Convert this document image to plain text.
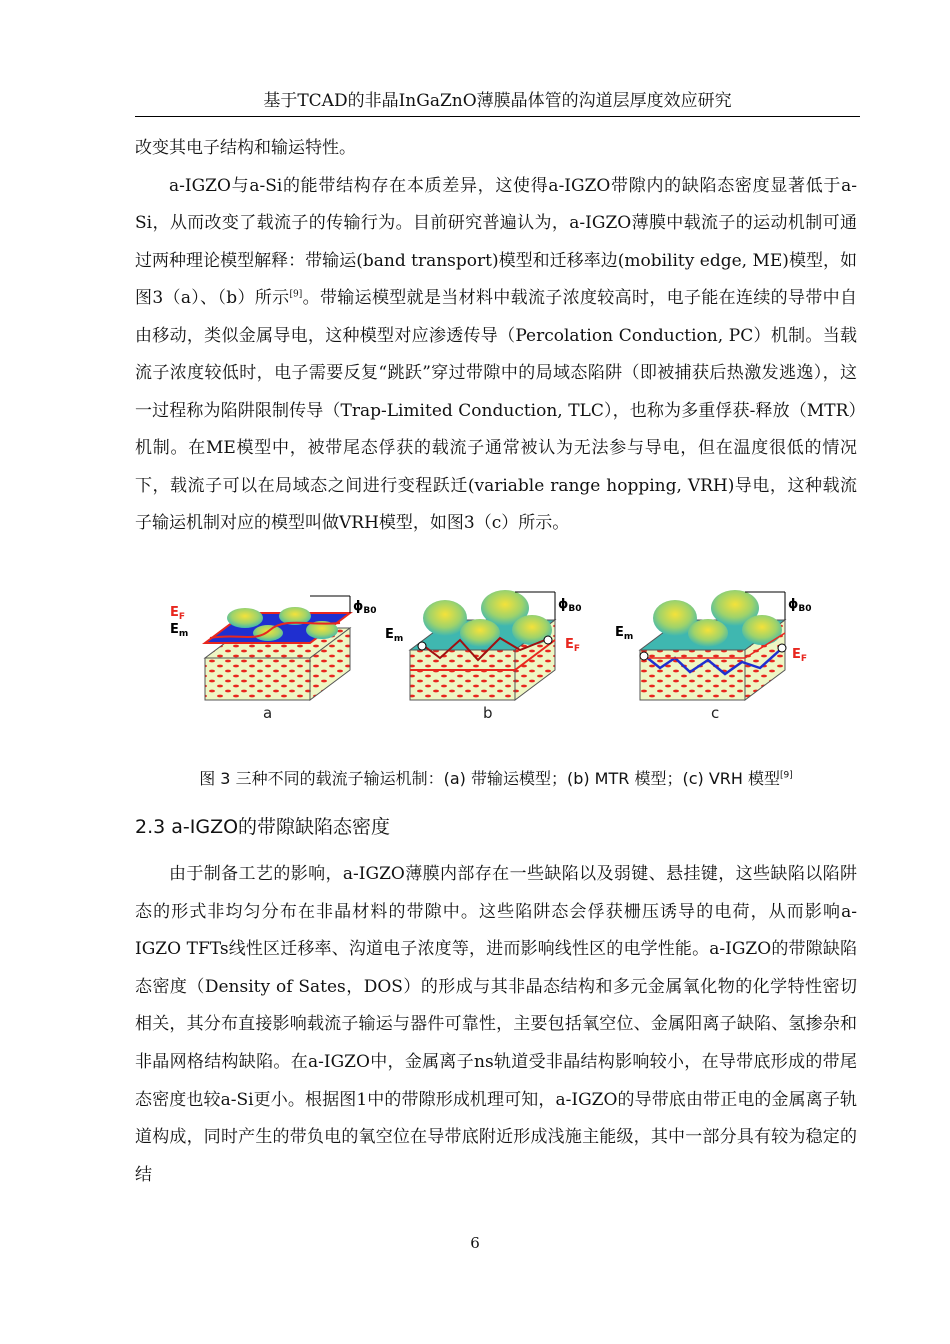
基于TCAD的非晶InGaZnO薄膜晶体管的沟道层厚度效应研究

改变其电子结构和输运特性。

a-IGZO与a-Si的能带结构存在本质差异，这使得a-IGZO带隙内的缺陷态密度显著低于a-Si，从而改变了载流子的传输行为。目前研究普遍认为，a-IGZO薄膜中载流子的运动机制可通过两种理论模型解释：带输运(band transport)模型和迁移率边(mobility edge, ME)模型，如图3（a）、（b）所示[9]。带输运模型就是当材料中载流子浓度较高时，电子能在连续的导带中自由移动，类似金属导电，这种模型对应渗透传导（Percolation Conduction, PC）机制。当载流子浓度较低时，电子需要反复“跳跃”穿过带隙中的局域态陷阱（即被捕获后热激发逃逸），这一过程称为陷阱限制传导（Trap-Limited Conduction, TLC），也称为多重俘获-释放（MTR）机制。在ME模型中，被带尾态俘获的载流子通常被认为无法参与导电，但在温度很低的情况下，载流子可以在局域态之间进行变程跃迁(variable range hopping, VRH)导电，这种载流子输运机制对应的模型叫做VRH模型，如图3（c）所示。

$E_F$
$E_m$
$\phi_{B0}$
$E_m$	$E_F$
$\phi_{B0}$
$E_m$
$E_F$
$\phi_{B0}$
a	b	c
图 3 三种不同的载流子输运机制：(a) 带输运模型；(b) MTR 模型；(c) VRH 模型[9]
2.3 a-IGZO的带隙缺陷态密度

由于制备工艺的影响，a-IGZO薄膜内部存在一些缺陷以及弱键、悬挂键，这些缺陷以陷阱态的形式非均匀分布在非晶材料的带隙中。这些陷阱态会俘获栅压诱导的电荷，从而影响a-IGZO TFTs线性区迁移率、沟道电子浓度等，进而影响线性区的电学性能。a-IGZO的带隙缺陷态密度（Density of Sates，DOS）的形成与其非晶态结构和多元金属氧化物的化学特性密切相关，其分布直接影响载流子输运与器件可靠性，主要包括氧空位、金属阳离子缺陷、氢掺杂和非晶网格结构缺陷。在a-IGZO中，金属离子ns轨道受非晶结构影响较小，在导带底形成的带尾态密度也较a-Si更小。根据图1中的带隙形成机理可知，a-IGZO的导带底由带正电的金属离子轨道构成，同时产生的带负电的氧空位在导带底附近形成浅施主能级，其中一部分具有较为稳定的结

6
